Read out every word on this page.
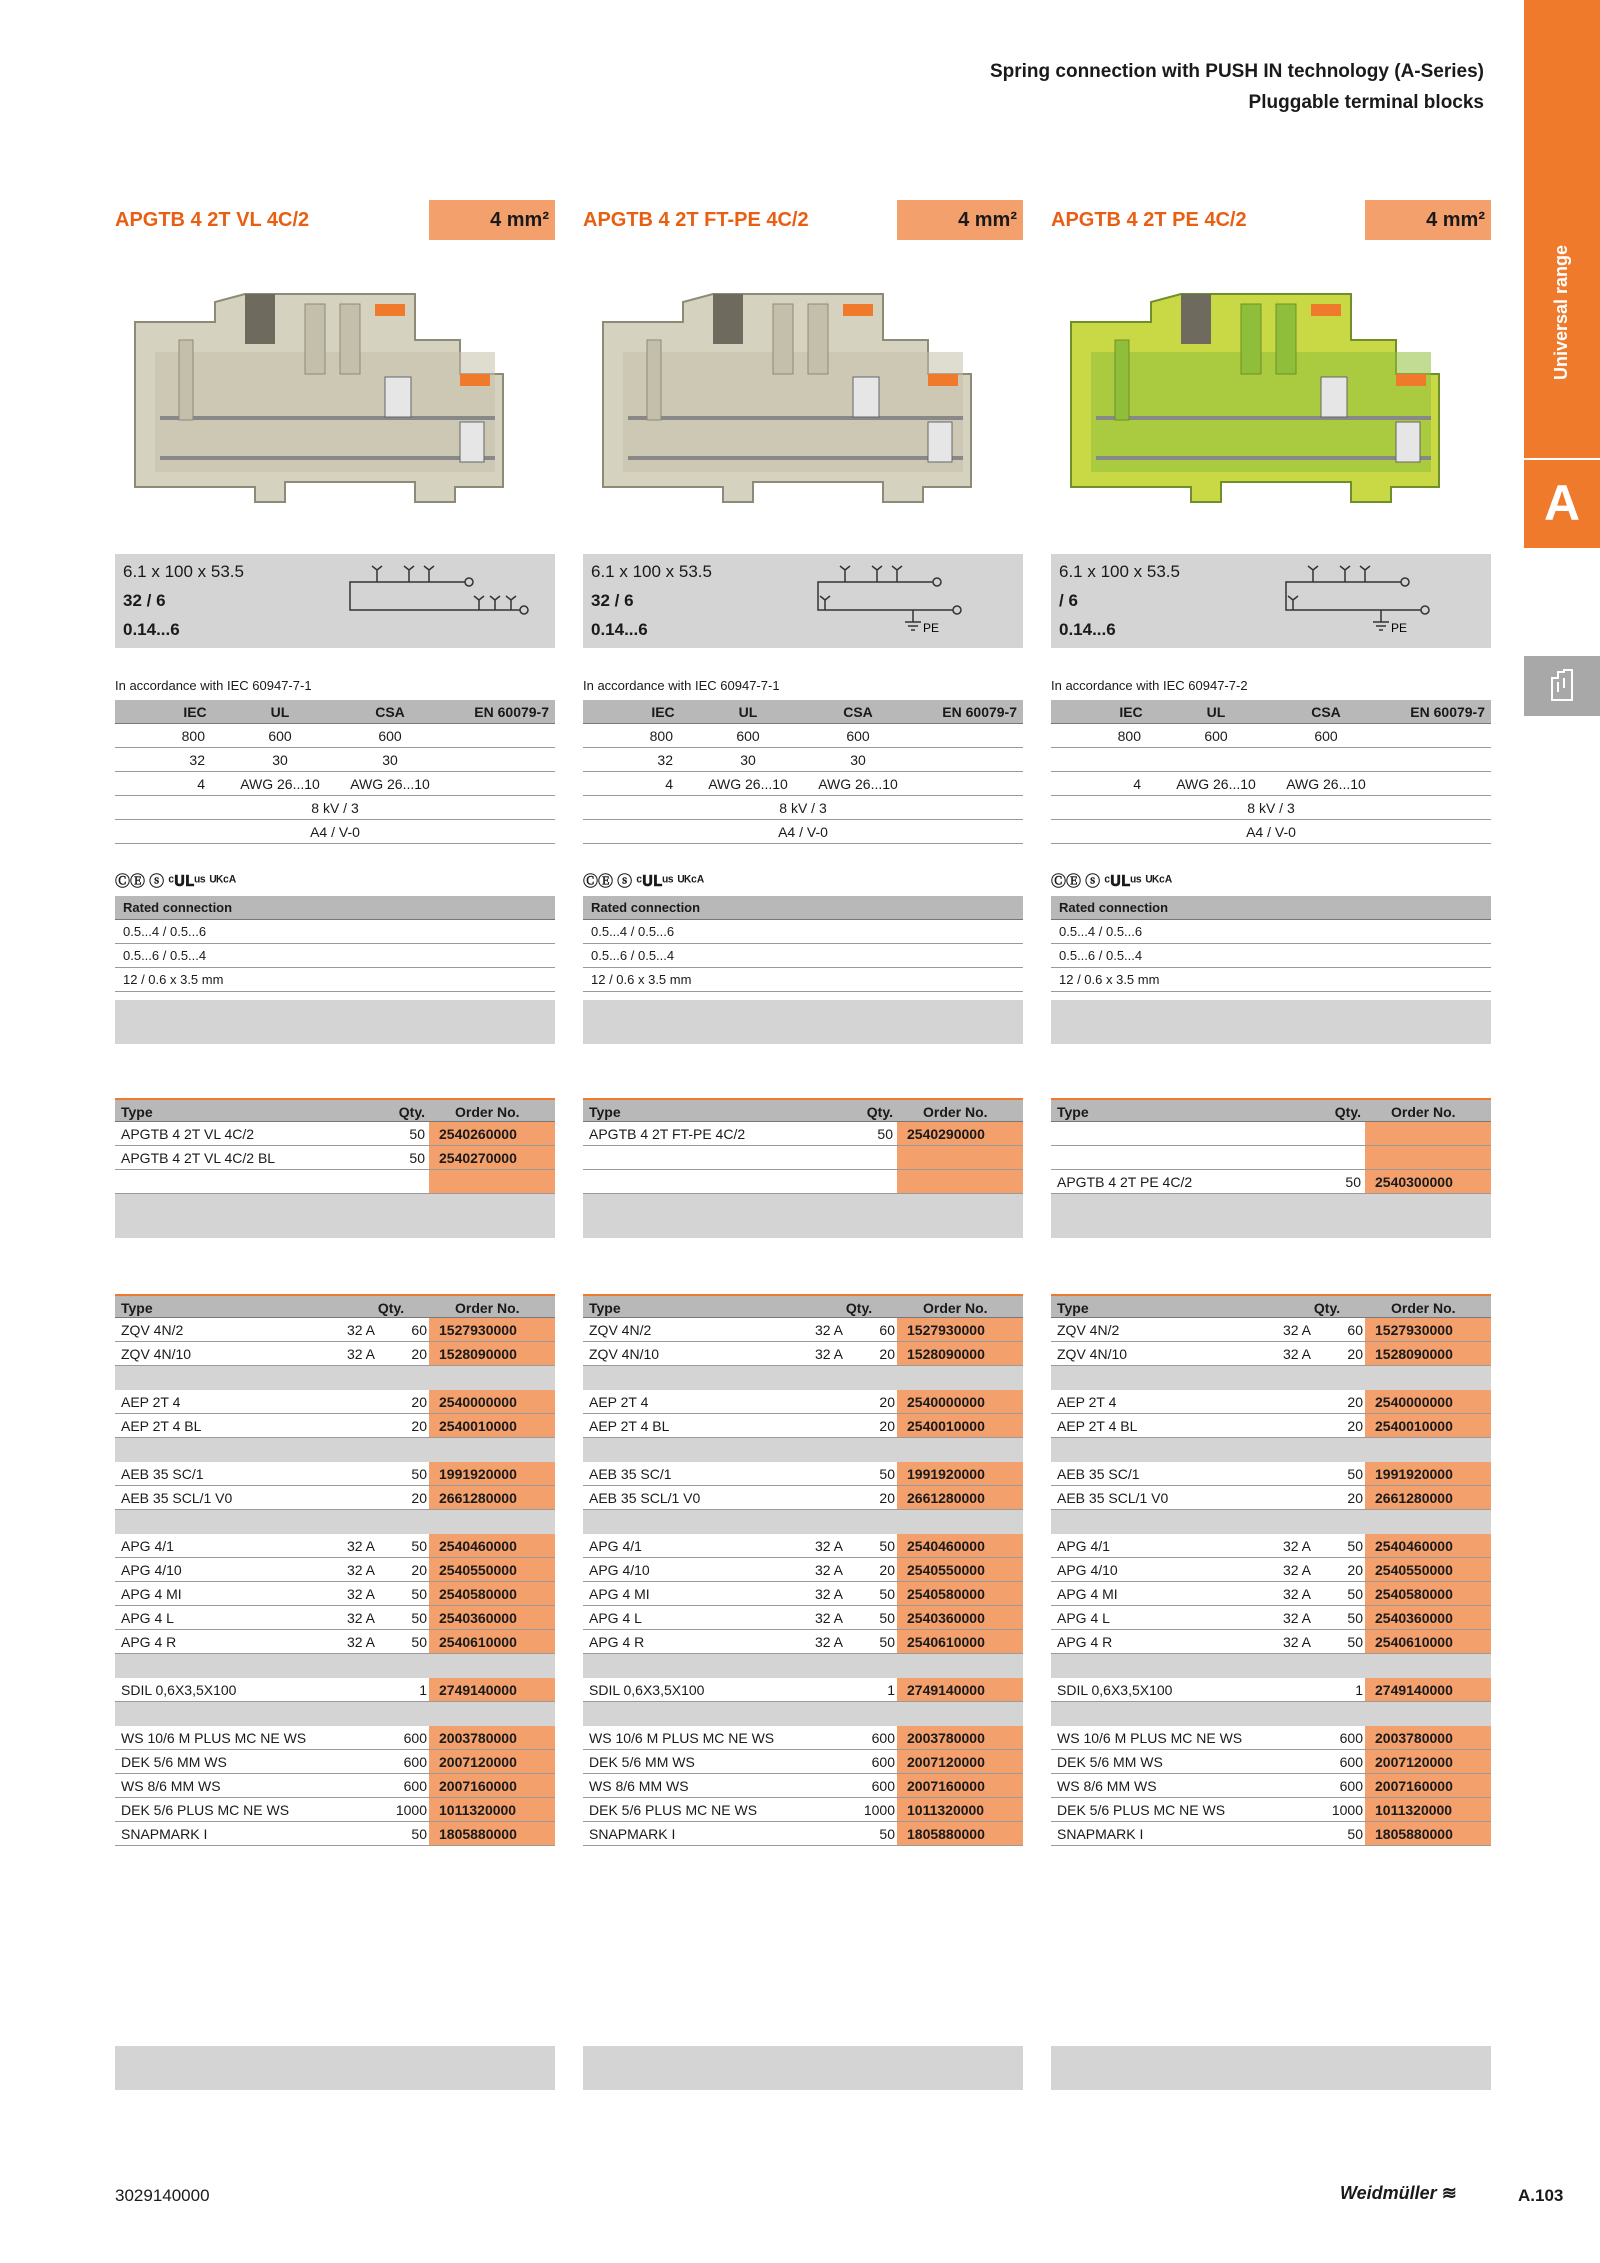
Spring connection with PUSH IN technology (A-Series)
Pluggable terminal blocks
Universal range
A
APGTB 4 2T VL 4C/2	4 mm²
6.1 x 100 x 53.5
32 / 6
0.14...6
In accordance with IEC 60947-7-1
IEC	UL	CSA	EN 60079-7
800	600	600
32	30	30
4	AWG 26...10	AWG 26...10
8 kV / 3
A4 / V-0
ⒸⒺ ⓢ ᶜ𝐔𝐋ᵘˢ ᵁᴷᶜᴬ
Rated connection
0.5...4 / 0.5...6
0.5...6 / 0.5...4
12 / 0.6 x 3.5 mm
Type	Qty.	Order No.
APGTB 4 2T VL 4C/2	50	2540260000
APGTB 4 2T VL 4C/2 BL	50	2540270000
Type	Qty.	Order No.
ZQV 4N/2	32 A	60 1527930000
ZQV 4N/10	32 A	20 1528090000
AEP 2T 4	20 2540000000
AEP 2T 4 BL	20 2540010000
AEB 35 SC/1	50 1991920000
AEB 35 SCL/1 V0	20 2661280000
APG 4/1	32 A	50 2540460000
APG 4/10	32 A	20 2540550000
APG 4 MI	32 A	50 2540580000
APG 4 L	32 A	50 2540360000
APG 4 R	32 A	50 2540610000
SDIL 0,6X3,5X100	1 2749140000
WS 10/6 M PLUS MC NE WS	600 2003780000
DEK 5/6 MM WS	600 2007120000
WS 8/6 MM WS	600 2007160000
DEK 5/6 PLUS MC NE WS	1000 1011320000
SNAPMARK I	50 1805880000
APGTB 4 2T FT-PE 4C/2	4 mm²
6.1 x 100 x 53.5
32 / 6
0.14...6	PE
In accordance with IEC 60947-7-1
IEC	UL	CSA	EN 60079-7
800	600	600
32	30	30
4	AWG 26...10	AWG 26...10
8 kV / 3
A4 / V-0
ⒸⒺ ⓢ ᶜ𝐔𝐋ᵘˢ ᵁᴷᶜᴬ
Rated connection
0.5...4 / 0.5...6
0.5...6 / 0.5...4
12 / 0.6 x 3.5 mm
Type	Qty.	Order No.
APGTB 4 2T FT-PE 4C/2	50	2540290000
Type	Qty.	Order No.
ZQV 4N/2	32 A	60 1527930000
ZQV 4N/10	32 A	20 1528090000
AEP 2T 4	20 2540000000
AEP 2T 4 BL	20 2540010000
AEB 35 SC/1	50 1991920000
AEB 35 SCL/1 V0	20 2661280000
APG 4/1	32 A	50 2540460000
APG 4/10	32 A	20 2540550000
APG 4 MI	32 A	50 2540580000
APG 4 L	32 A	50 2540360000
APG 4 R	32 A	50 2540610000
SDIL 0,6X3,5X100	1 2749140000
WS 10/6 M PLUS MC NE WS	600 2003780000
DEK 5/6 MM WS	600 2007120000
WS 8/6 MM WS	600 2007160000
DEK 5/6 PLUS MC NE WS	1000 1011320000
SNAPMARK I	50 1805880000
APGTB 4 2T PE 4C/2	4 mm²
6.1 x 100 x 53.5
/ 6
0.14...6	PE
In accordance with IEC 60947-7-2
IEC	UL	CSA	EN 60079-7
800	600	600
4	AWG 26...10	AWG 26...10
8 kV / 3
A4 / V-0
ⒸⒺ ⓢ ᶜ𝐔𝐋ᵘˢ ᵁᴷᶜᴬ
Rated connection
0.5...4 / 0.5...6
0.5...6 / 0.5...4
12 / 0.6 x 3.5 mm
Type	Qty.	Order No.
APGTB 4 2T PE 4C/2	50	2540300000
Type	Qty.	Order No.
ZQV 4N/2	32 A	60 1527930000
ZQV 4N/10	32 A	20 1528090000
AEP 2T 4	20 2540000000
AEP 2T 4 BL	20 2540010000
AEB 35 SC/1	50 1991920000
AEB 35 SCL/1 V0	20 2661280000
APG 4/1	32 A	50 2540460000
APG 4/10	32 A	20 2540550000
APG 4 MI	32 A	50 2540580000
APG 4 L	32 A	50 2540360000
APG 4 R	32 A	50 2540610000
SDIL 0,6X3,5X100	1 2749140000
WS 10/6 M PLUS MC NE WS	600 2003780000
DEK 5/6 MM WS	600 2007120000
WS 8/6 MM WS	600 2007160000
DEK 5/6 PLUS MC NE WS	1000 1011320000
SNAPMARK I	50 1805880000
3029140000	Weidmüller ≋	A.103
